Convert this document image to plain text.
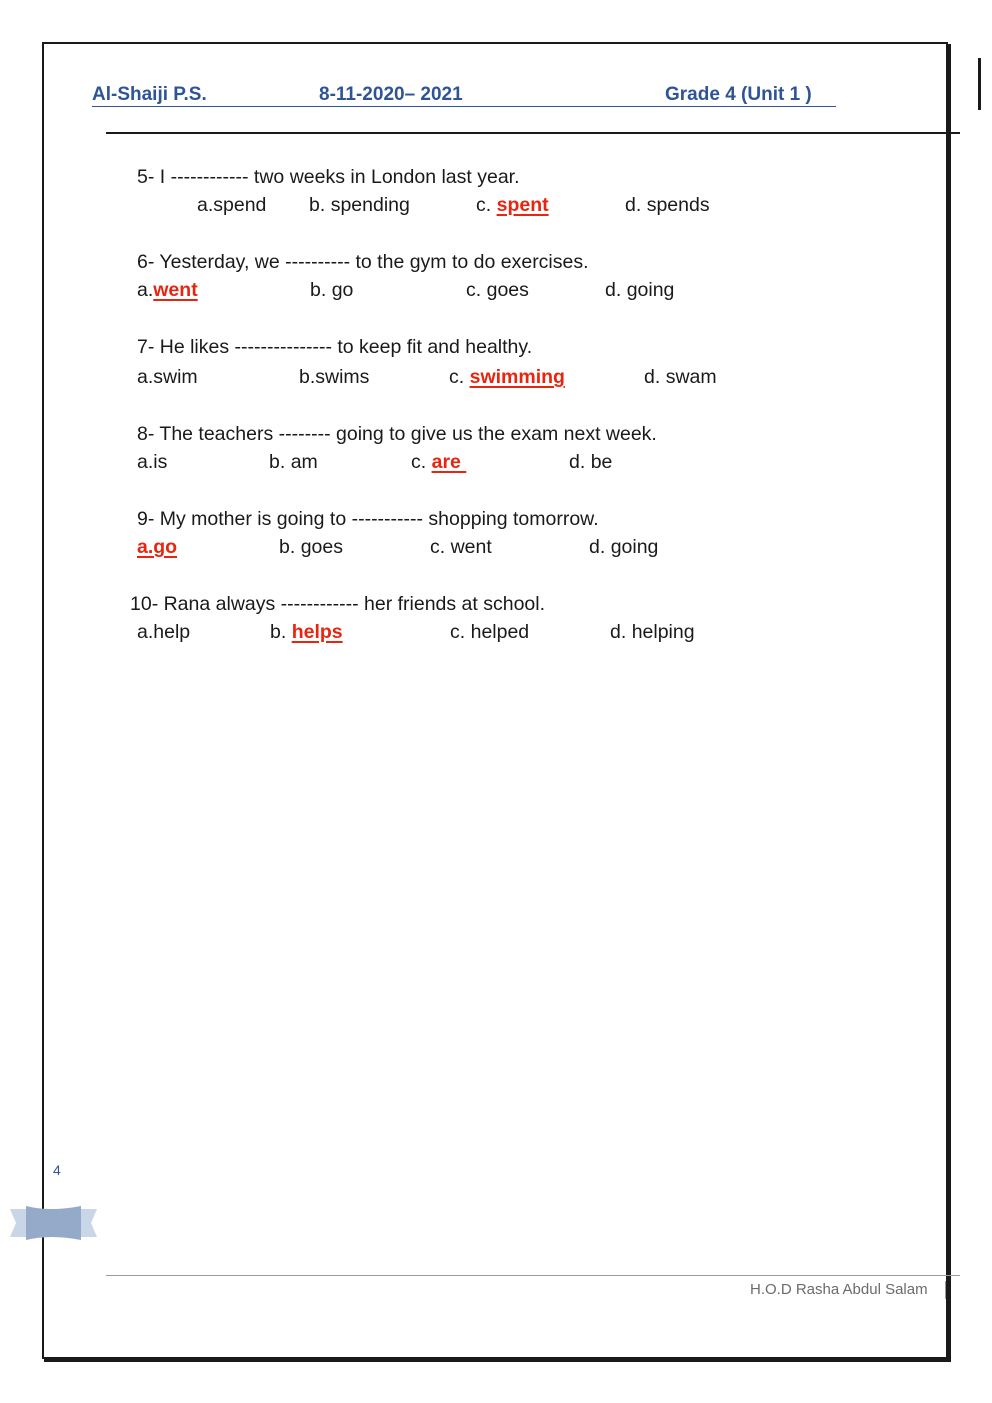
Al-Shaiji P.S.	8-11-2020– 2021	Grade 4 (Unit 1 )
5- I ------------ two weeks in London last year.
a.spend b. spending	c. spent	d. spends
6- Yesterday, we ---------- to the gym to do exercises.
a.went	b. go	c. goes	d. going
7- He likes --------------- to keep fit and healthy.
a.swim	b.swims	c. swimming	d. swam
8- The teachers -------- going to give us the exam next week.
a.is	b. am	c. are	d. be
9- My mother is going to ----------- shopping tomorrow.
a.go	b. goes	c. went	d. going
10- Rana always ------------ her friends at school.
a.help	b. helps	c. helped	d. helping
4
H.O.D Rasha Abdul Salam
